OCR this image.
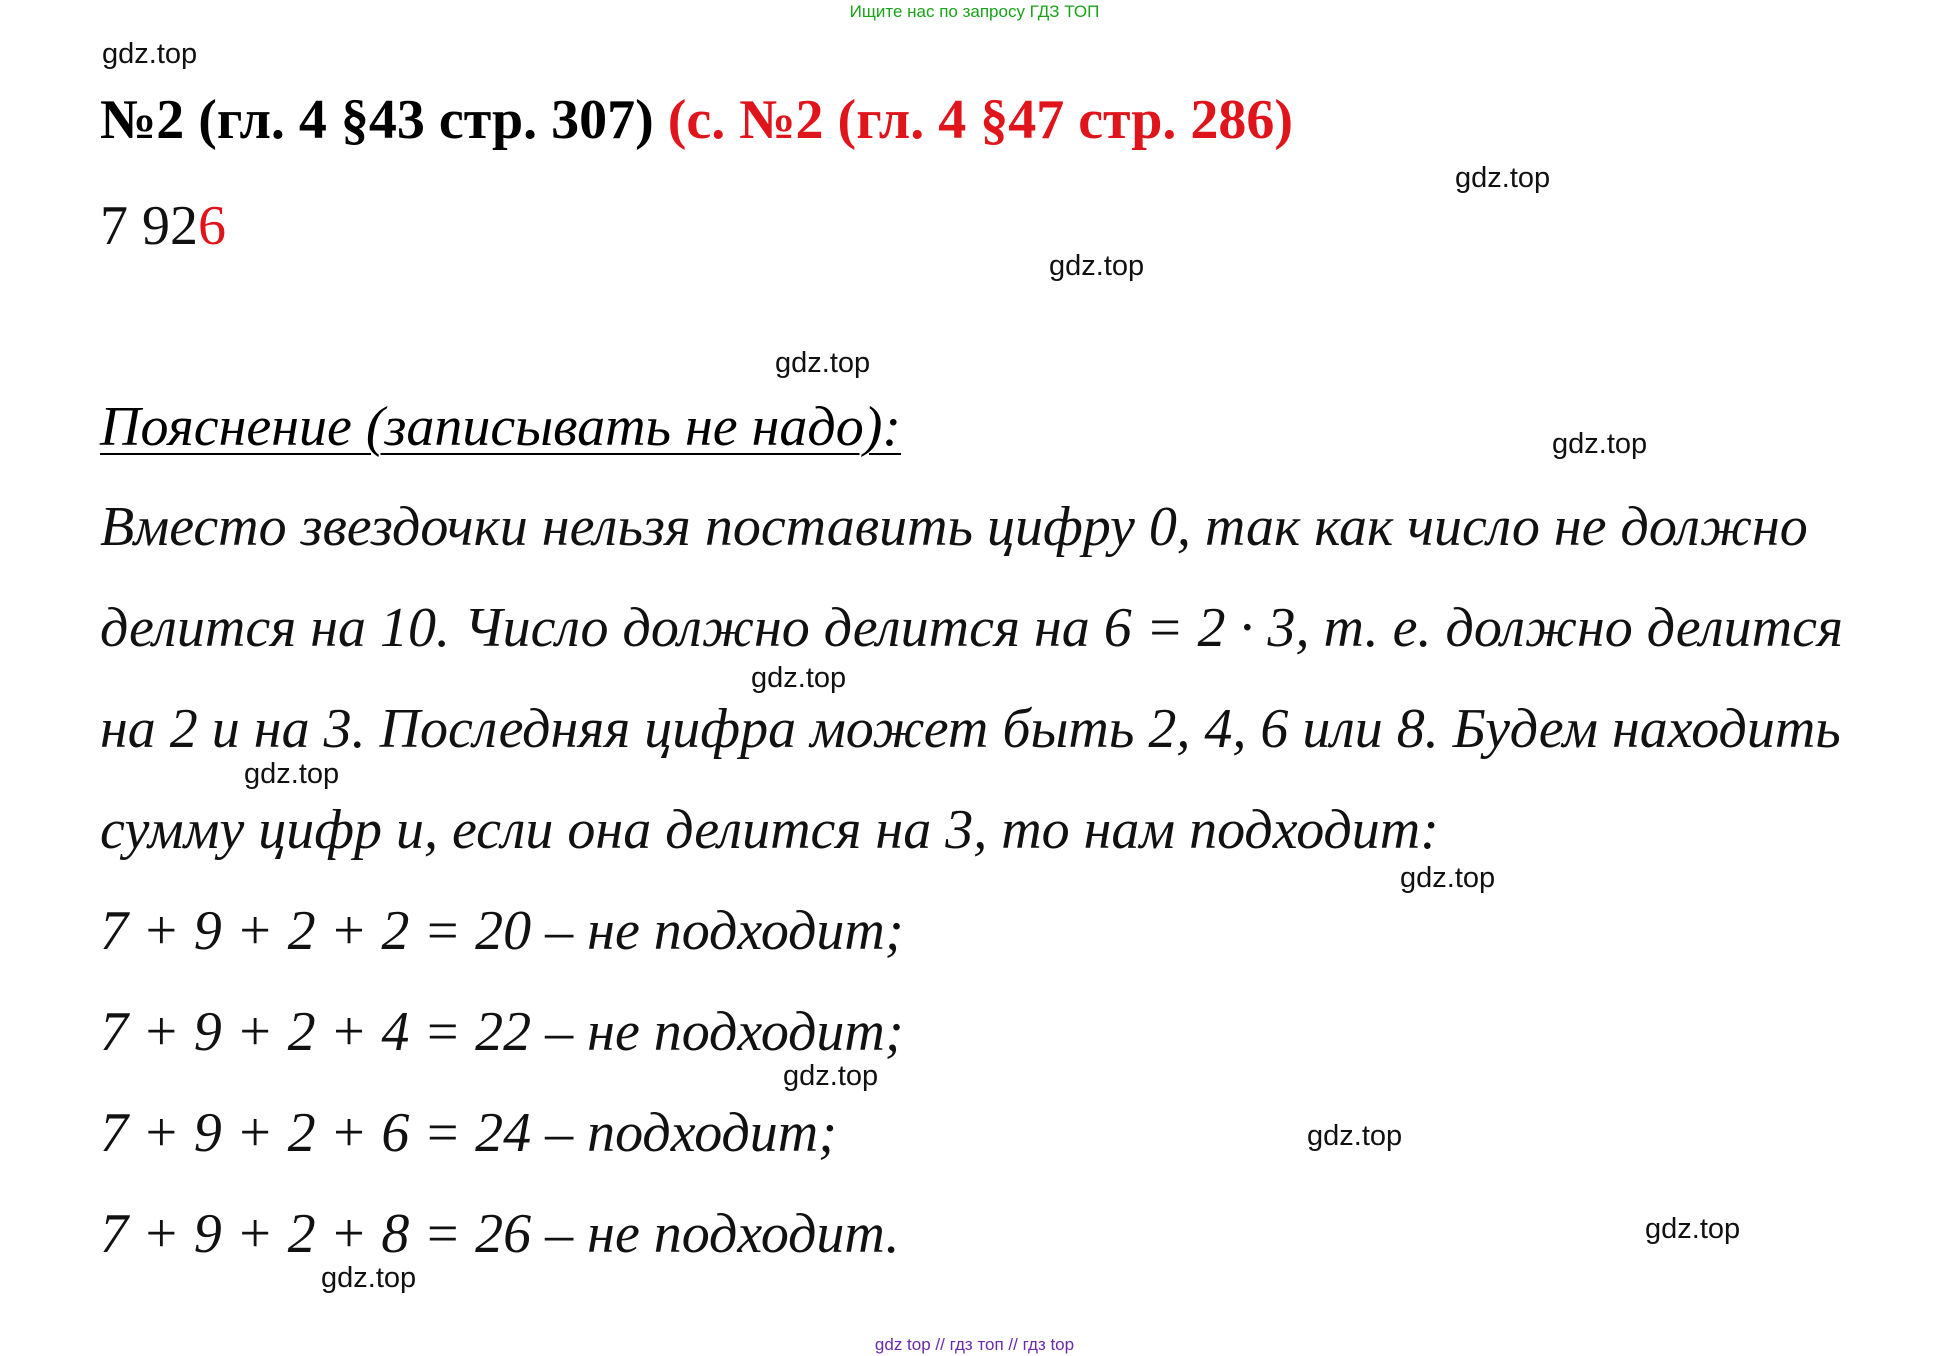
Ищите нас по запросу ГДЗ ТОП
gdz.top
gdz.top
gdz.top
gdz.top
gdz.top
gdz.top
gdz.top
gdz.top
gdz.top
gdz.top
gdz.top
gdz.top
№2 (гл. 4 §43 стр. 307) (с. №2 (гл. 4 §47 стр. 286)
7 926
Пояснение (записывать не надо):
Вместо звездочки нельзя поставить цифру 0, так как число не должно
делится на 10. Число должно делится на 6 = 2 · 3, т. е. должно делится
на 2 и на 3. Последняя цифра может быть 2, 4, 6 или 8. Будем находить
сумму цифр и, если она делится на 3, то нам подходит:
7 + 9 + 2 + 2 = 20 – не подходит;
7 + 9 + 2 + 4 = 22 – не подходит;
7 + 9 + 2 + 6 = 24 – подходит;
7 + 9 + 2 + 8 = 26 – не подходит.
gdz top // гдз топ // гдз top
